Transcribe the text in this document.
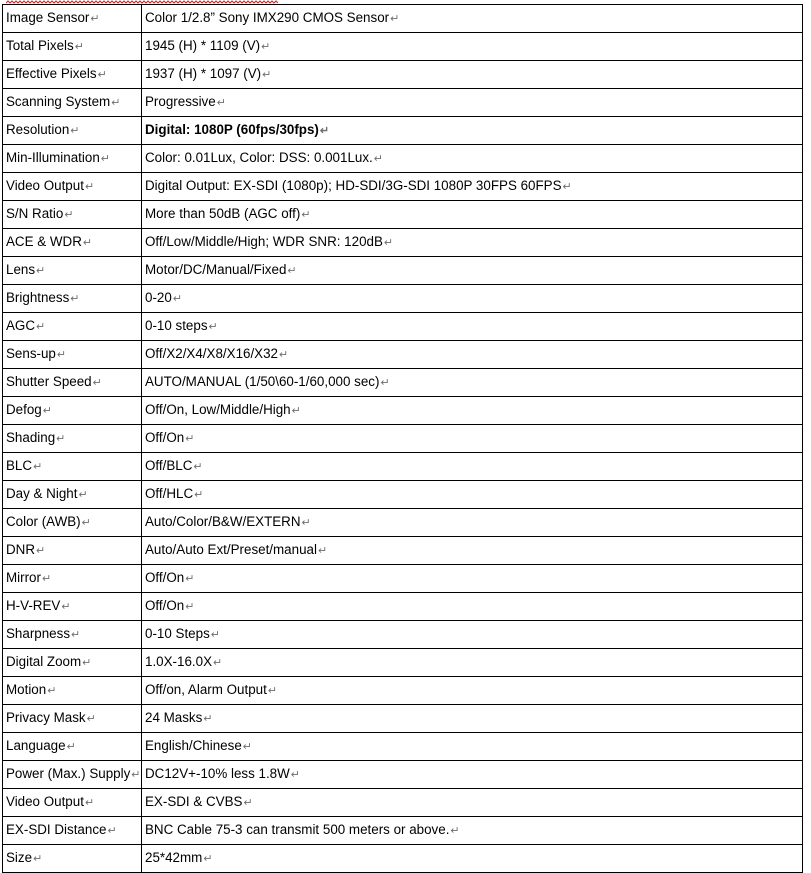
Image Sensor↵	Color 1/2.8” Sony IMX290 CMOS Sensor↵
Total Pixels↵	1945 (H) * 1109 (V)↵
Effective Pixels↵	1937 (H) * 1097 (V)↵
Scanning System↵	Progressive↵
Resolution↵	Digital: 1080P (60fps/30fps)↵
Min-Illumination↵	Color: 0.01Lux, Color: DSS: 0.001Lux.↵
Video Output↵	Digital Output: EX-SDI (1080p); HD-SDI/3G-SDI 1080P 30FPS 60FPS↵
S/N Ratio↵	More than 50dB (AGC off)↵
ACE & WDR↵	Off/Low/Middle/High; WDR SNR: 120dB↵
Lens↵	Motor/DC/Manual/Fixed↵
Brightness↵	0-20↵
AGC↵	0-10 steps↵
Sens-up↵	Off/X2/X4/X8/X16/X32↵
Shutter Speed↵	AUTO/MANUAL (1/50\60-1/60,000 sec)↵
Defog↵	Off/On, Low/Middle/High↵
Shading↵	Off/On↵
BLC↵	Off/BLC↵
Day & Night↵	Off/HLC↵
Color (AWB)↵	Auto/Color/B&W/EXTERN↵
DNR↵	Auto/Auto Ext/Preset/manual↵
Mirror↵	Off/On↵
H-V-REV↵	Off/On↵
Sharpness↵	0-10 Steps↵
Digital Zoom↵	1.0X-16.0X↵
Motion↵	Off/on, Alarm Output↵
Privacy Mask↵	24 Masks↵
Language↵	English/Chinese↵
Power (Max.) Supply↵	DC12V+-10% less 1.8W↵
Video Output↵	EX-SDI & CVBS↵
EX-SDI Distance↵	BNC Cable 75-3 can transmit 500 meters or above.↵
Size↵	25*42mm↵
